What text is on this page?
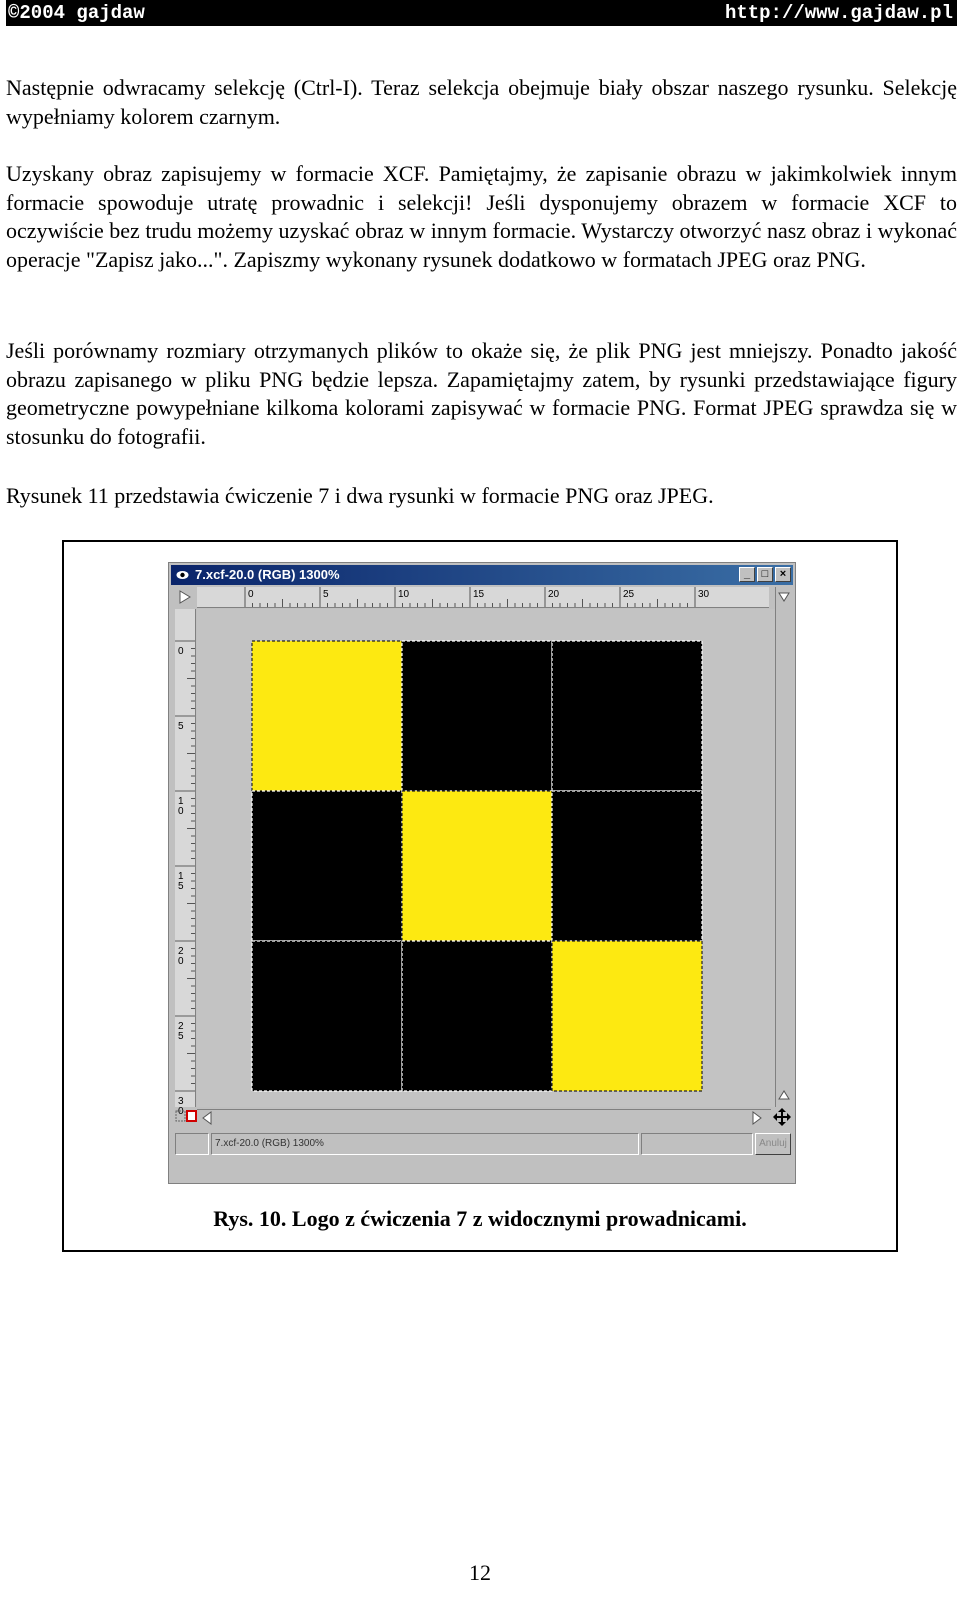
©2004 gajdaw	http://www.gajdaw.pl

Następnie odwracamy selekcję (Ctrl-I). Teraz selekcja obejmuje biały obszar naszego rysunku. Selekcję wypełniamy kolorem czarnym.

Uzyskany obraz zapisujemy w formacie XCF. Pamiętajmy, że zapisanie obrazu w jakimkolwiek innym formacie spowoduje utratę prowadnic i selekcji! Jeśli dysponujemy obrazem w formacie XCF to oczywiście bez trudu możemy uzyskać obraz w innym formacie. Wystarczy otworzyć nasz obraz i wykonać operacje "Zapisz jako...". Zapiszmy wykonany rysunek dodatkowo w formatach JPEG oraz PNG.

Jeśli porównamy rozmiary otrzymanych plików to okaże się, że plik PNG jest mniejszy. Ponadto jakość obrazu zapisanego w pliku PNG będzie lepsza. Zapamiętajmy zatem, by rysunki przedstawiające figury geometryczne powypełniane kilkoma kolorami zapisywać w formacie PNG. Format JPEG sprawdza się w stosunku do fotografii.

Rysunek 11 przedstawia ćwiczenie 7 i dwa rysunki w formacie PNG oraz JPEG.

7.xcf-20.0 (RGB) 1300%	_	□	×
0	5	10	15	20	25	30
0
5
1
0
1
5
2
0
2
5
3
0
7.xcf-20.0 (RGB) 1300%	Anuluj
Rys. 10. Logo z ćwiczenia 7 z widocznymi prowadnicami.
12
